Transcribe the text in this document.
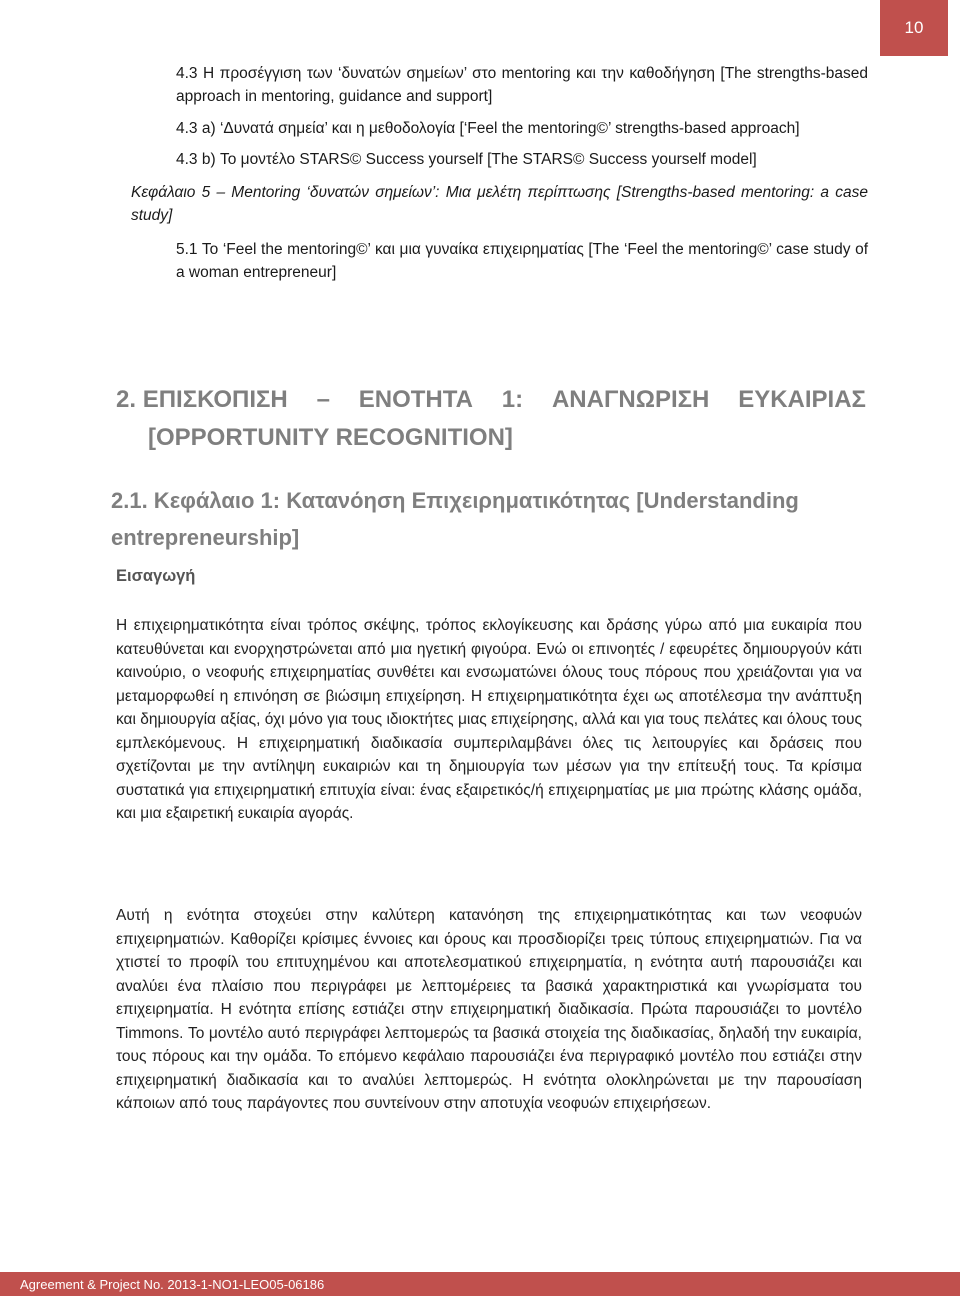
10
4.3 Η προσέγγιση των ‘δυνατών σημείων’ στο mentoring και την καθοδήγηση [The strengths-based approach in mentoring, guidance and support]
4.3 a) ‘Δυνατά σημεία’ και η μεθοδολογία [‘Feel the mentoring©’ strengths-based approach]
4.3 b) Το μοντέλο STARS© Success yourself [The STARS© Success yourself model]
Κεφάλαιο 5 – Mentoring ‘δυνατών σημείων’: Μια μελέτη περίπτωσης [Strengths-based mentoring: a case study]
5.1 Το ‘Feel the mentoring©’ και μια γυναίκα επιχειρηματίας [The ‘Feel the mentoring©’ case study of a woman entrepreneur]
2. ΕΠΙΣΚΟΠΙΣΗ – ΕΝΟΤΗΤΑ 1: ΑΝΑΓΝΩΡΙΣΗ ΕΥΚΑΙΡΙΑΣ
[OPPORTUNITY RECOGNITION]
2.1. Κεφάλαιο 1: Κατανόηση Επιχειρηματικότητας [Understanding entrepreneurship]
Εισαγωγή
Η επιχειρηματικότητα είναι τρόπος σκέψης, τρόπος εκλογίκευσης και δράσης γύρω από μια ευκαιρία που κατευθύνεται και ενορχηστρώνεται από μια ηγετική φιγούρα. Ενώ οι επινοητές / εφευρέτες δημιουργούν κάτι καινούριο, ο νεοφυής επιχειρηματίας συνθέτει και ενσωματώνει όλους τους πόρους που χρειάζονται για να μεταμορφωθεί η επινόηση σε βιώσιμη επιχείρηση. Η επιχειρηματικότητα έχει ως αποτέλεσμα την ανάπτυξη και δημιουργία αξίας, όχι μόνο για τους ιδιοκτήτες μιας επιχείρησης, αλλά και για τους πελάτες και όλους τους εμπλεκόμενους. Η επιχειρηματική διαδικασία συμπεριλαμβάνει όλες τις λειτουργίες και δράσεις που σχετίζονται με την αντίληψη ευκαιριών και τη δημιουργία των μέσων για την επίτευξή τους. Τα κρίσιμα συστατικά για επιχειρηματική επιτυχία είναι: ένας εξαιρετικός/ή επιχειρηματίας με μια πρώτης κλάσης ομάδα, και μια εξαιρετική ευκαιρία αγοράς.
Αυτή η ενότητα στοχεύει στην καλύτερη κατανόηση της επιχειρηματικότητας και των νεοφυών επιχειρηματιών. Καθορίζει κρίσιμες έννοιες και όρους και προσδιορίζει τρεις τύπους επιχειρηματιών. Για να χτιστεί το προφίλ του επιτυχημένου και αποτελεσματικού επιχειρηματία, η ενότητα αυτή παρουσιάζει και αναλύει ένα πλαίσιο που περιγράφει με λεπτομέρειες τα βασικά χαρακτηριστικά και γνωρίσματα του επιχειρηματία. Η ενότητα επίσης εστιάζει στην επιχειρηματική διαδικασία. Πρώτα παρουσιάζει το μοντέλο Timmons. Το μοντέλο αυτό περιγράφει λεπτομερώς τα βασικά στοιχεία της διαδικασίας, δηλαδή την ευκαιρία, τους πόρους και την ομάδα. Το επόμενο κεφάλαιο παρουσιάζει ένα περιγραφικό μοντέλο που εστιάζει στην επιχειρηματική διαδικασία και το αναλύει λεπτομερώς. Η ενότητα ολοκληρώνεται με την παρουσίαση κάποιων από τους παράγοντες που συντείνουν στην αποτυχία νεοφυών επιχειρήσεων.
Agreement & Project No. 2013-1-NO1-LEO05-06186
